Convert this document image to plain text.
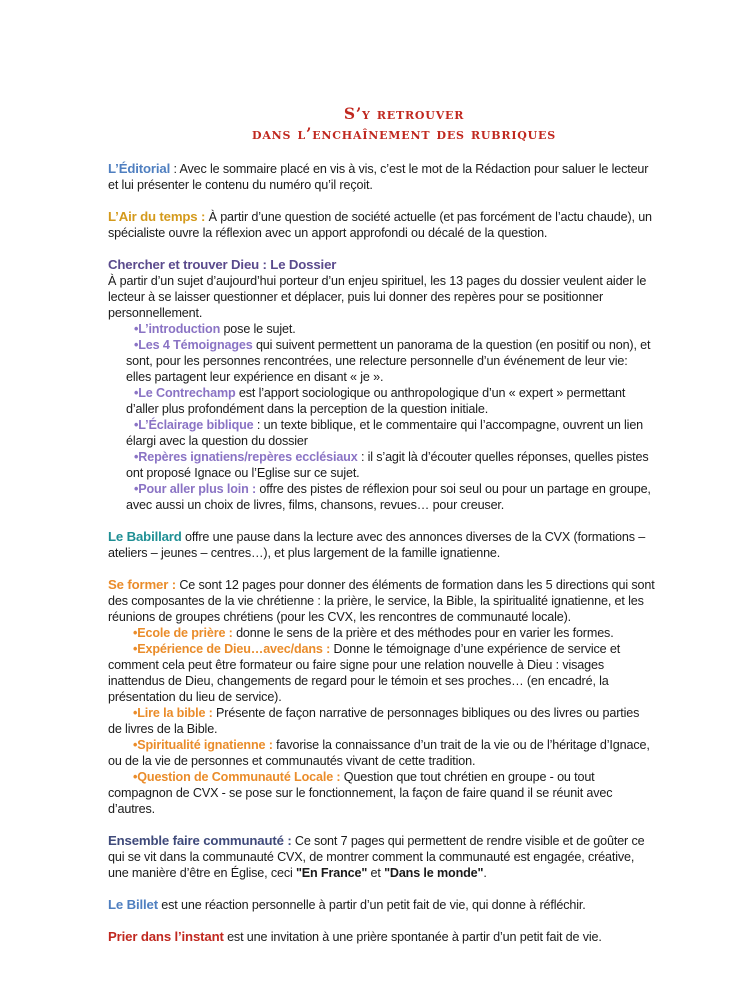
S’y retrouver
dans l’enchaînement des rubriques
L’Éditorial : Avec le sommaire placé en vis à vis, c’est le mot de la Rédaction pour saluer le lecteur et lui présenter le contenu du numéro qu’il reçoit.
L’Air du temps : À partir d’une question de société actuelle (et pas forcément de l’actu chaude), un spécialiste ouvre la réflexion avec un apport approfondi ou décalé de la question.
Chercher et trouver Dieu : Le Dossier
À partir d’un sujet d’aujourd’hui porteur d’un enjeu spirituel, les 13 pages du dossier veulent aider le lecteur à se laisser questionner et déplacer, puis lui donner des repères pour se positionner personnellement.
•L’introduction pose le sujet.
•Les 4 Témoignages qui suivent permettent un panorama de la question (en positif ou non), et sont, pour les personnes rencontrées, une relecture personnelle d’un événement de leur vie: elles partagent leur expérience en disant « je ».
•Le Contrechamp est l’apport sociologique ou anthropologique d’un « expert » permettant d’aller plus profondément dans la perception de la question initiale.
•L’Éclairage biblique : un texte biblique, et le commentaire qui l’accompagne, ouvrent un lien élargi avec la question du dossier
•Repères ignatiens/repères ecclésiaux : il s’agit là d’écouter quelles réponses, quelles pistes ont proposé Ignace ou l’Eglise sur ce sujet.
•Pour aller plus loin : offre des pistes de réflexion pour soi seul ou pour un partage en groupe, avec aussi un choix de livres, films, chansons, revues… pour creuser.
Le Babillard offre une pause dans la lecture avec des annonces diverses de la CVX (formations – ateliers – jeunes – centres…), et plus largement de la famille ignatienne.
Se former : Ce sont 12 pages pour donner des éléments de formation dans les 5 directions qui sont des composantes de la vie chrétienne : la prière, le service, la Bible, la spiritualité ignatienne, et les réunions de groupes chrétiens (pour les CVX, les rencontres de communauté locale).
•Ecole de prière : donne le sens de la prière et des méthodes pour en varier les formes.
•Expérience de Dieu…avec/dans : Donne le témoignage d’une expérience de service et comment cela peut être formateur ou faire signe pour une relation nouvelle à Dieu : visages inattendus de Dieu, changements de regard pour le témoin et ses proches… (en encadré, la présentation du lieu de service).
•Lire la bible : Présente de façon narrative de personnages bibliques ou des livres ou parties de livres de la Bible.
•Spiritualité ignatienne : favorise la connaissance d’un trait de la vie ou de l’héritage d’Ignace, ou de la vie de personnes et communautés vivant de cette tradition.
•Question de Communauté Locale : Question que tout chrétien en groupe - ou tout compagnon de CVX - se pose sur le fonctionnement, la façon de faire quand il se réunit avec d’autres.
Ensemble faire communauté : Ce sont 7 pages qui permettent de rendre visible et de goûter ce qui se vit dans la communauté CVX, de montrer comment la communauté est engagée, créative, une manière d’être en Église, ceci "En France" et "Dans le monde".
Le Billet est une réaction personnelle à partir d’un petit fait de vie, qui donne à réfléchir.
Prier dans l’instant est une invitation à une prière spontanée à partir d’un petit fait de vie.
